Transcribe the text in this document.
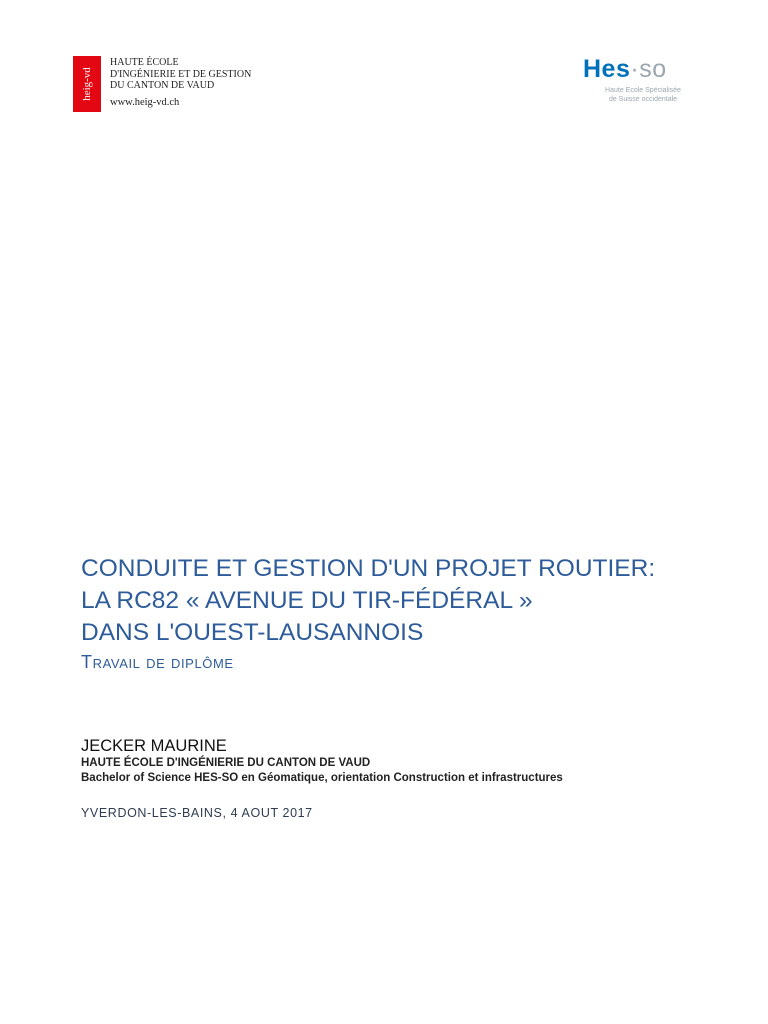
heig-vd
HAUTE ÉCOLE
D'INGÉNIERIE ET DE GESTION
DU CANTON DE VAUD
www.heig-vd.ch
Hes·so
Haute Ecole Spécialisée
de Suisse occidentale
CONDUITE ET GESTION D'UN PROJET ROUTIER:
LA RC82 « AVENUE DU TIR-FÉDÉRAL »
DANS L'OUEST-LAUSANNOIS
Travail de diplôme
JECKER MAURINE
HAUTE ÉCOLE D'INGÉNIERIE DU CANTON DE VAUD
Bachelor of Science HES-SO en Géomatique, orientation Construction et infrastructures
YVERDON-LES-BAINS, 4 AOUT 2017
